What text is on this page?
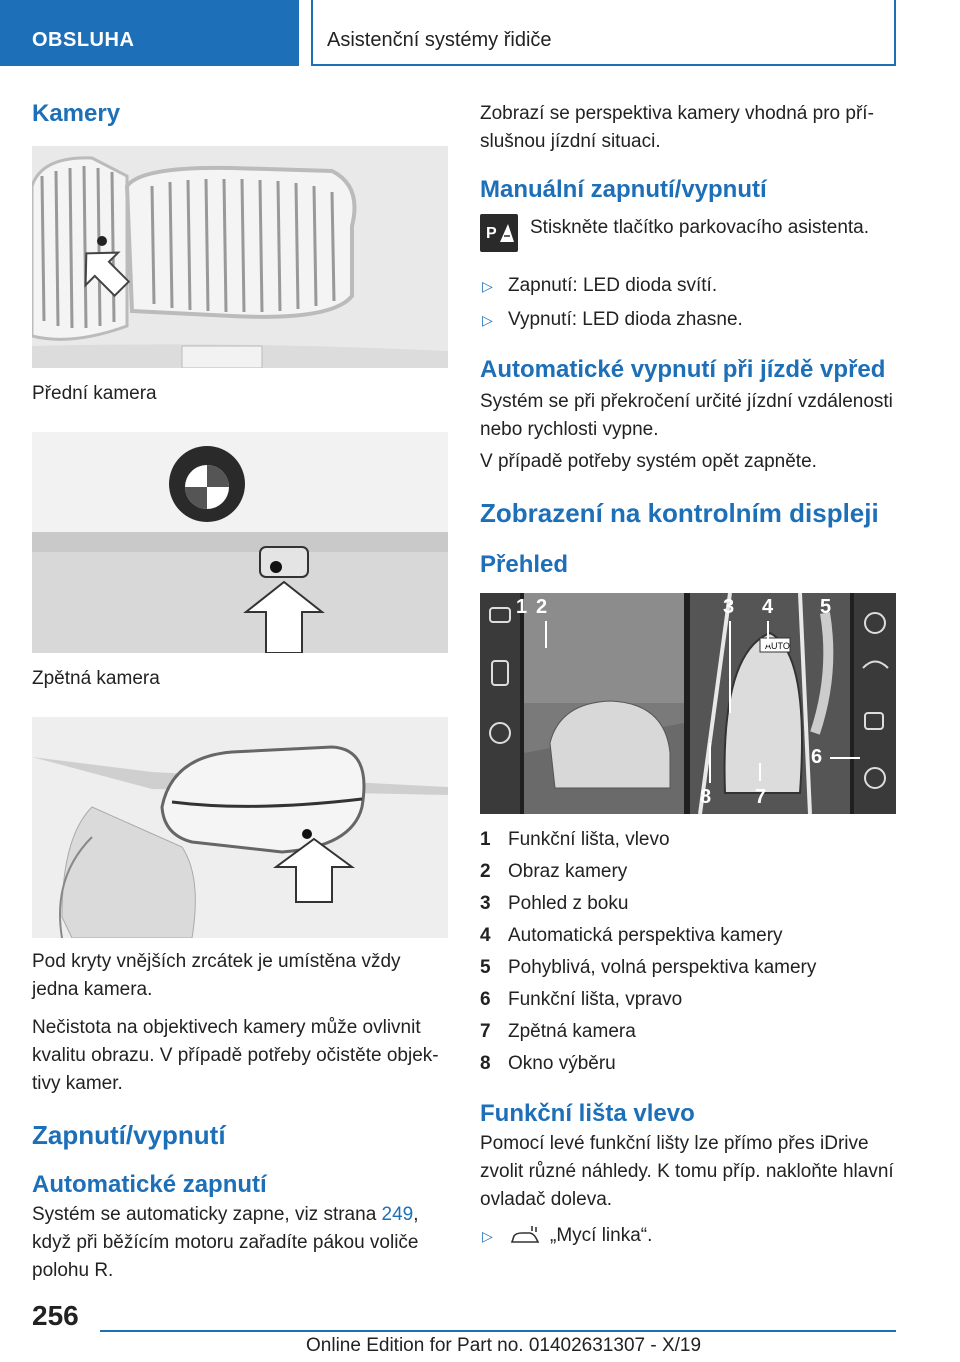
OBSLUHA	Asistenční systémy řidiče
Kamery
Přední kamera
Zpětná kamera
Pod kryty vnějších zrcátek je umístěna vždy jedna kamera.
Nečistota na objektivech kamery může ovlivnit kvalitu obrazu. V případě potřeby očistěte objek-tivy kamer.
Zapnutí/vypnutí
Automatické zapnutí
Systém se automaticky zapne, viz strana 249, když při běžícím motoru zařadíte pákou voliče polohu R.
Zobrazí se perspektiva kamery vhodná pro pří-slušnou jízdní situaci.
Manuální zapnutí/vypnutí
P Stiskněte tlačítko parkovacího asistenta.
▷ Zapnutí: LED dioda svítí.
▷ Vypnutí: LED dioda zhasne.
Automatické vypnutí při jízdě vpřed
Systém se při překročení určité jízdní vzdálenosti nebo rychlosti vypne.
V případě potřeby systém opět zapněte.
Zobrazení na kontrolním displeji
Přehled
AUTO
1 2	3 4 5
6
7
8
1 Funkční lišta, vlevo
2 Obraz kamery
3 Pohled z boku
4 Automatická perspektiva kamery
5 Pohyblivá, volná perspektiva kamery
6 Funkční lišta, vpravo
7 Zpětná kamera
8 Okno výběru
Funkční lišta vlevo
Pomocí levé funkční lišty lze přímo přes iDrive zvolit různé náhledy. K tomu příp. nakloňte hlavní ovladač doleva.
▷	„Mycí linka“.
256
Online Edition for Part no. 01402631307 - X/19
